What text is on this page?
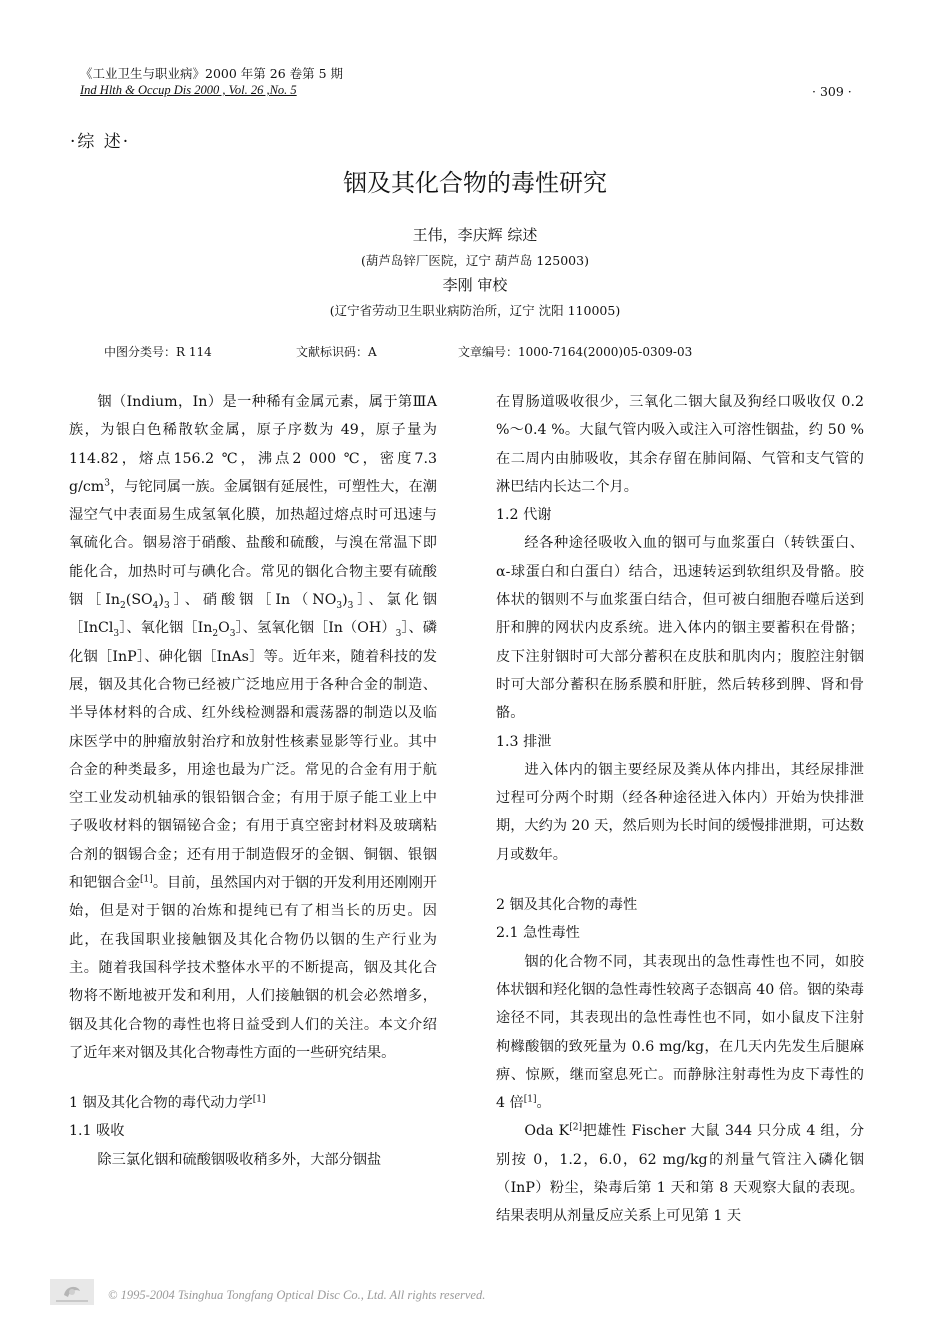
《工业卫生与职业病》2000 年第 26 卷第 5 期
Ind Hlth & Occup Dis 2000 , Vol. 26 ,No. 5	· 309 ·
·综 述·
铟及其化合物的毒性研究
王伟，李庆辉 综述
(葫芦岛锌厂医院，辽宁 葫芦岛 125003)
李刚 审校
(辽宁省劳动卫生职业病防治所，辽宁 沈阳 110005)
中图分类号：R 114	文献标识码：A	文章编号：1000-7164(2000)05-0309-03

铟（Indium，In）是一种稀有金属元素，属于第ⅢA族，为银白色稀散软金属，原子序数为 49，原子量为 114.82，熔点156.2 ℃，沸点2 000 ℃，密度7.3 $g/cm^3$，与铊同属一族。金属铟有延展性，可塑性大，在潮湿空气中表面易生成氢氧化膜，加热超过熔点时可迅速与氧硫化合。铟易溶于硝酸、盐酸和硫酸，与溴在常温下即能化合，加热时可与碘化合。常见的铟化合物主要有硫酸铟$[In_2(SO_4)_3]$、硝酸铟$[In(NO_3)_3]$、氯化铟［InCl$_3$］、氧化铟$[In_2O_3]$、氢氧化铟$[In(OH)_3]$、磷化铟［InP］、砷化铟［InAs］等。近年来，随着科技的发展，铟及其化合物已经被广泛地应用于各种合金的制造、半导体材料的合成、红外线检测器和震荡器的制造以及临床医学中的肿瘤放射治疗和放射性核素显影等行业。其中合金的种类最多，用途也最为广泛。常见的合金有用于航空工业发动机轴承的银铅铟合金；有用于原子能工业上中子吸收材料的铟镉铋合金；有用于真空密封材料及玻璃粘合剂的铟锡合金；还有用于制造假牙的金铟、铜铟、银铟和钯铟合金[1]。目前，虽然国内对于铟的开发利用还刚刚开始，但是对于铟的冶炼和提纯已有了相当长的历史。因此，在我国职业接触铟及其化合物仍以铟的生产行业为主。随着我国科学技术整体水平的不断提高，铟及其化合物将不断地被开发和利用，人们接触铟的机会必然增多，铟及其化合物的毒性也将日益受到人们的关注。本文介绍了近年来对铟及其化合物毒性方面的一些研究结果。

1 铟及其化合物的毒代动力学[1]

1.1 吸收

除三氯化铟和硫酸铟吸收稍多外，大部分铟盐

在胃肠道吸收很少，三氧化二铟大鼠及狗经口吸收仅 0.2 %～0.4 %。大鼠气管内吸入或注入可溶性铟盐，约 50 %在二周内由肺吸收，其余存留在肺间隔、气管和支气管的淋巴结内长达二个月。

1.2 代谢

经各种途径吸收入血的铟可与血浆蛋白（转铁蛋白、α-球蛋白和白蛋白）结合，迅速转运到软组织及骨骼。胶体状的铟则不与血浆蛋白结合，但可被白细胞吞噬后送到肝和脾的网状内皮系统。进入体内的铟主要蓄积在骨骼；皮下注射铟时可大部分蓄积在皮肤和肌肉内；腹腔注射铟时可大部分蓄积在肠系膜和肝脏，然后转移到脾、肾和骨骼。

1.3 排泄

进入体内的铟主要经尿及粪从体内排出，其经尿排泄过程可分两个时期（经各种途径进入体内）开始为快排泄期，大约为 20 天，然后则为长时间的缓慢排泄期，可达数月或数年。

2 铟及其化合物的毒性

2.1 急性毒性

铟的化合物不同，其表现出的急性毒性也不同，如胶体状铟和羟化铟的急性毒性较离子态铟高 40 倍。铟的染毒途径不同，其表现出的急性毒性也不同，如小鼠皮下注射枸橼酸铟的致死量为 0.6 mg/kg，在几天内先发生后腿麻痹、惊厥，继而窒息死亡。而静脉注射毒性为皮下毒性的 4 倍[1]。

Oda K[2]把雄性 Fischer 大鼠 344 只分成 4 组，分别按 0，1.2，6.0，62 mg/kg的剂量气管注入磷化铟（InP）粉尘，染毒后第 1 天和第 8 天观察大鼠的表现。结果表明从剂量反应关系上可见第 1 天

© 1995-2004 Tsinghua Tongfang Optical Disc Co., Ltd. All rights reserved.
